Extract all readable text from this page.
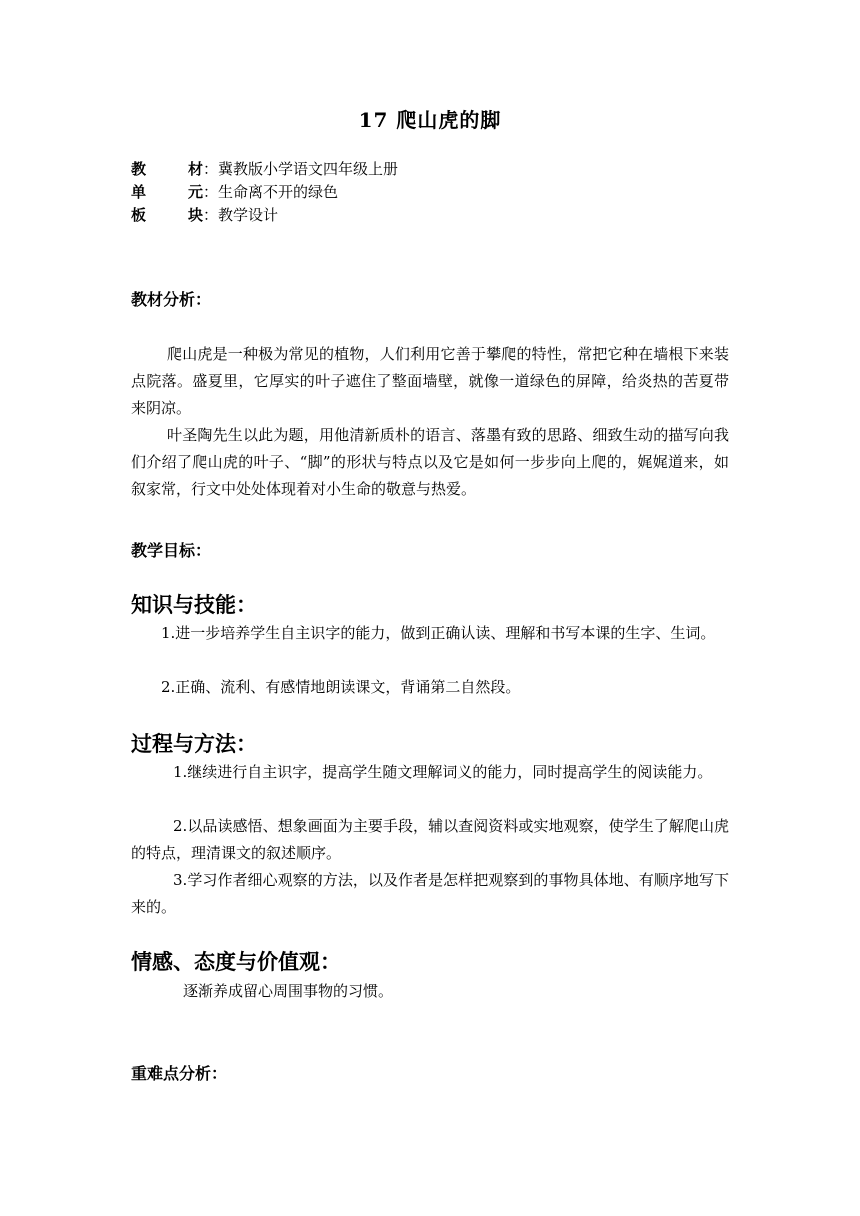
17 爬山虎的脚
教	材 ： 冀教版小学语文四年级上册
单	元 ： 生命离不开的绿色
板	块 ： 教学设计
教材分析：
爬山虎是一种极为常见的植物，人们利用它善于攀爬的特性，常把它种在墙根下来装点院落。盛夏里，它厚实的叶子遮住了整面墙壁，就像一道绿色的屏障，给炎热的苦夏带来阴凉。
叶圣陶先生以此为题，用他清新质朴的语言、落墨有致的思路、细致生动的描写向我们介绍了爬山虎的叶子、“脚”的形状与特点以及它是如何一步步向上爬的，娓娓道来，如叙家常，行文中处处体现着对小生命的敬意与热爱。
教学目标：
知识与技能：
1.进一步培养学生自主识字的能力，做到正确认读、理解和书写本课的生字、生词。
2.正确、流利、有感情地朗读课文，背诵第二自然段。
过程与方法：
1.继续进行自主识字，提高学生随文理解词义的能力，同时提高学生的阅读能力。
2.以品读感悟、想象画面为主要手段，辅以查阅资料或实地观察，使学生了解爬山虎的特点，理清课文的叙述顺序。
3.学习作者细心观察的方法，以及作者是怎样把观察到的事物具体地、有顺序地写下来的。
情感、态度与价值观：
逐渐养成留心周围事物的习惯。
重难点分析：
